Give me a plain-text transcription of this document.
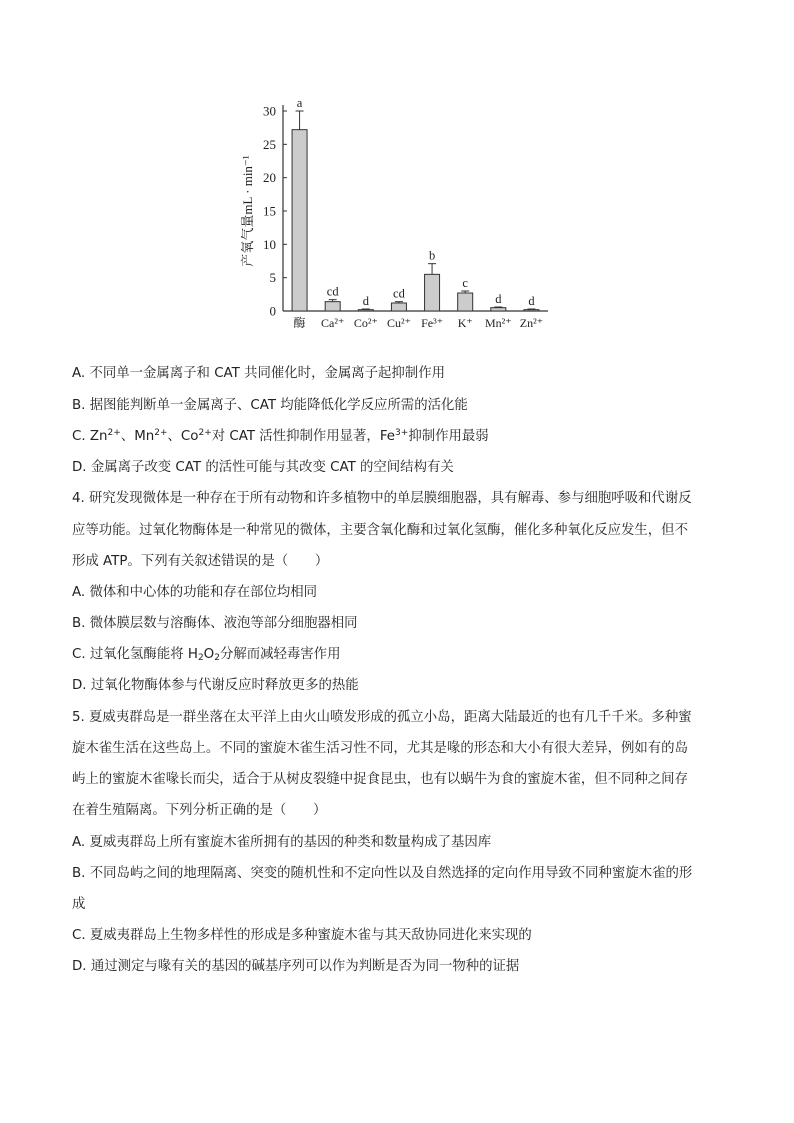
0
5
10
15
20
25
30
a
cd
d
cd
b
c
d d
酶 Ca²⁺ Co²⁺ Cu²⁺ Fe³⁺ K⁺ Mn²⁺ Zn²⁺
产氧气量mL · min⁻¹
A. 不同单一金属离子和 CAT 共同催化时，金属离子起抑制作用
B. 据图能判断单一金属离子、CAT 均能降低化学反应所需的活化能
C. $Zn^{2+}$、$Mn^{2+}$、$Co^{2+}$对 CAT 活性抑制作用显著，$Fe^{3+}$抑制作用最弱
D. 金属离子改变 CAT 的活性可能与其改变 CAT 的空间结构有关
4. 研究发现微体是一种存在于所有动物和许多植物中的单层膜细胞器，具有解毒、参与细胞呼吸和代谢反
应等功能。过氧化物酶体是一种常见的微体，主要含氧化酶和过氧化氢酶，催化多种氧化反应发生，但不
形成 ATP。下列有关叙述错误的是（　　）
A. 微体和中心体的功能和存在部位均相同
B. 微体膜层数与溶酶体、液泡等部分细胞器相同
C. 过氧化氢酶能将 $H_2O_2$分解而减轻毒害作用
D. 过氧化物酶体参与代谢反应时释放更多的热能
5. 夏威夷群岛是一群坐落在太平洋上由火山喷发形成的孤立小岛，距离大陆最近的也有几千千米。多种蜜
旋木雀生活在这些岛上。不同的蜜旋木雀生活习性不同，尤其是喙的形态和大小有很大差异，例如有的岛
屿上的蜜旋木雀喙长而尖，适合于从树皮裂缝中捉食昆虫，也有以蜗牛为食的蜜旋木雀，但不同种之间存
在着生殖隔离。下列分析正确的是（　　）
A. 夏威夷群岛上所有蜜旋木雀所拥有的基因的种类和数量构成了基因库
B. 不同岛屿之间的地理隔离、突变的随机性和不定向性以及自然选择的定向作用导致不同种蜜旋木雀的形
成
C. 夏威夷群岛上生物多样性的形成是多种蜜旋木雀与其天敌协同进化来实现的
D. 通过测定与喙有关的基因的碱基序列可以作为判断是否为同一物种的证据
